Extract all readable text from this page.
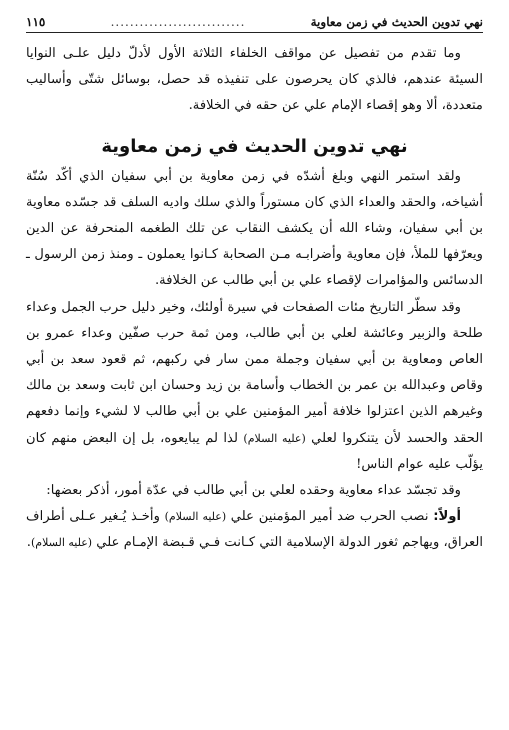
نهي تدوين الحديث في زمن معاوية
............................
١١٥

وما تقدم من تفصيل عن مواقف الخلفاء الثلاثة الأول لأدلّ دليل علـى النوايا السيئة عندهم، فالذي كان يحرصون على تنفيذه قد حصل، بوسائل شتّى وأساليب متعددة، ألا وهو إقصاء الإمام علي عن حقه في الخلافة.

نهي تدوين الحديث في زمن معاوية

ولقد استمر النهي وبلغ أشدّه في زمن معاوية بن أبي سفيان الذي أكّد سُنّة أشياخه، والحقد والعداء الذي كان مستوراً والذي سلك واديه السلف قد جسّده معاوية بن أبي سفيان، وشاء الله أن يكشف النقاب عن تلك الطغمه المنحرفة عن الدين ويعرّفها للملأ، فإن معاوية وأضرابـه مـن الصحابة كـانوا يعملون ـ ومنذ زمن الرسول ـ الدسائس والمؤامرات لإقصاء علي بن أبي طالب عن الخلافة.

وقد سطّر التاريخ مئات الصفحات في سيرة أولئك، وخير دليل حرب الجمل وعداء طلحة والزبير وعائشة لعلي بن أبي طالب، ومن ثمة حرب صفّين وعداء عمرو بن العاص ومعاوية بن أبي سفيان وجملة ممن سار في ركبهم، ثم قعود سعد بن أبي وقاص وعبدالله بن عمر بن الخطاب وأسامة بن زيد وحسان ابن ثابت وسعد بن مالك وغيرهم الذين اعتزلوا خلافة أمير المؤمنين علي بن أبي طالب لا لشيء وإنما دفعهم الحقد والحسد لأن يتنكروا لعلي (عليه السلام) لذا لم يبايعوه، بل إن البعض منهم كان يؤلّب عليه عوام الناس!

وقد تجسّد عداء معاوية وحقده لعلي بن أبي طالب في عدّة أمور، أذكر بعضها:

أولاً: نصب الحرب ضد أمير المؤمنين علي (عليه السلام) وأخـذ يُـغير عـلى أطراف العراق، ويهاجم ثغور الدولة الإسلامية التي كـانت فـي قـبضة الإمـام علي (عليه السلام).
